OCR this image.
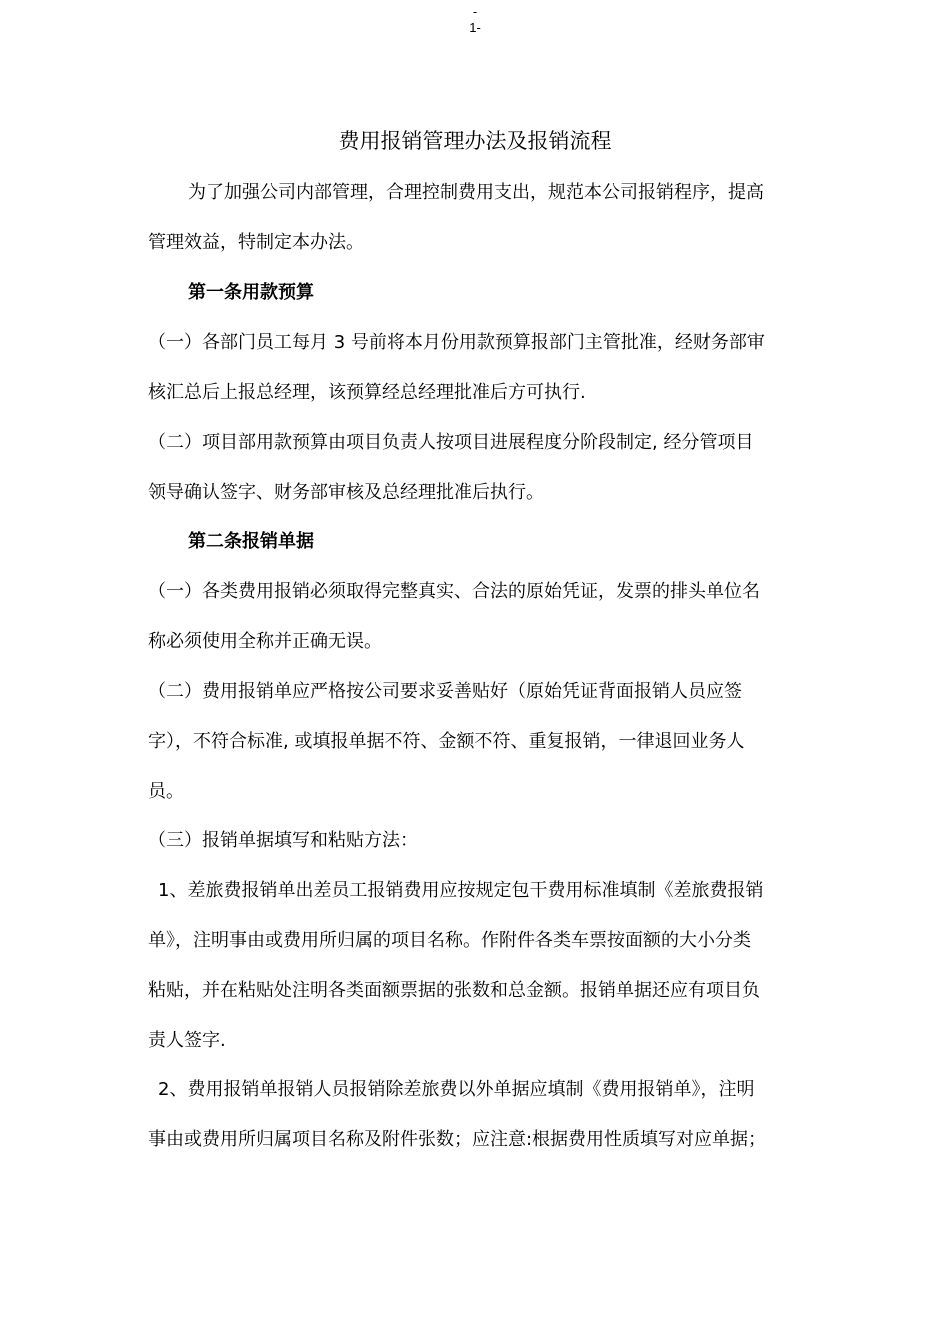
-
1-
费用报销管理办法及报销流程
为了加强公司内部管理，合理控制费用支出，规范本公司报销程序，提高
管理效益，特制定本办法。
第一条用款预算
（一）各部门员工每月 3 号前将本月份用款预算报部门主管批准，经财务部审
核汇总后上报总经理，该预算经总经理批准后方可执行.
（二）项目部用款预算由项目负责人按项目进展程度分阶段制定, 经分管项目
领导确认签字、财务部审核及总经理批准后执行。
第二条报销单据
（一）各类费用报销必须取得完整真实、合法的原始凭证，发票的排头单位名
称必须使用全称并正确无误。
（二）费用报销单应严格按公司要求妥善贴好（原始凭证背面报销人员应签
字），不符合标准, 或填报单据不符、金额不符、重复报销，一律退回业务人
员。
（三）报销单据填写和粘贴方法：
1、差旅费报销单出差员工报销费用应按规定包干费用标准填制《差旅费报销
单》，注明事由或费用所归属的项目名称。作附件各类车票按面额的大小分类
粘贴，并在粘贴处注明各类面额票据的张数和总金额。报销单据还应有项目负
责人签字.
2、费用报销单报销人员报销除差旅费以外单据应填制《费用报销单》，注明
事由或费用所归属项目名称及附件张数；应注意:根据费用性质填写对应单据；
